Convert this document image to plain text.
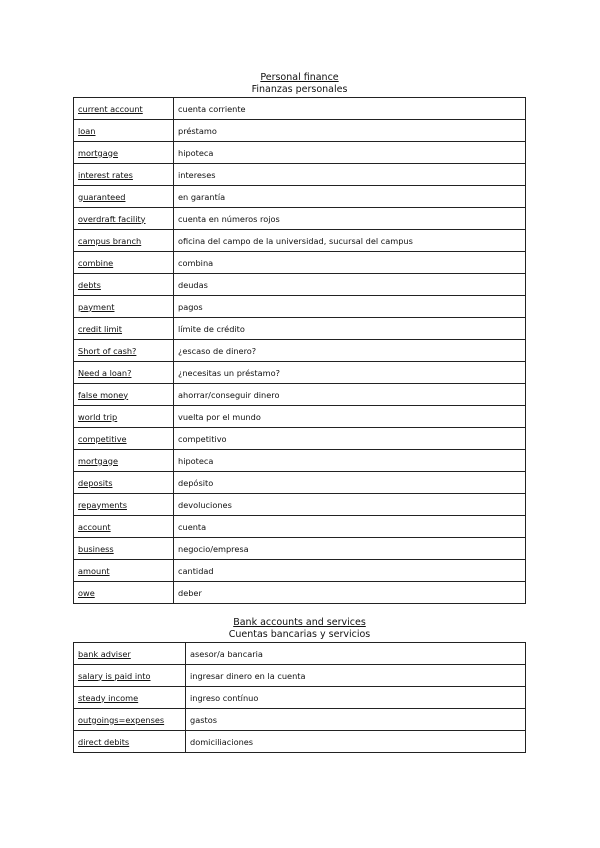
Personal finance
Finanzas personales
current account	cuenta corriente
loan	préstamo
mortgage	hipoteca
interest rates	intereses
guaranteed	en garantía
overdraft facility	cuenta en números rojos
campus branch	oficina del campo de la universidad, sucursal del campus
combine	combina
debts	deudas
payment	pagos
credit limit	límite de crédito
Short of cash?	¿escaso de dinero?
Need a loan?	¿necesitas un préstamo?
false money	ahorrar/conseguir dinero
world trip	vuelta por el mundo
competitive	competitivo
mortgage	hipoteca
deposits	depósito
repayments	devoluciones
account	cuenta
business	negocio/empresa
amount	cantidad
owe	deber
Bank accounts and services
Cuentas bancarias y servicios
bank adviser	asesor/a bancaria
salary is paid into	ingresar dinero en la cuenta
steady income	ingreso contínuo
outgoings=expenses	gastos
direct debits	domiciliaciones
